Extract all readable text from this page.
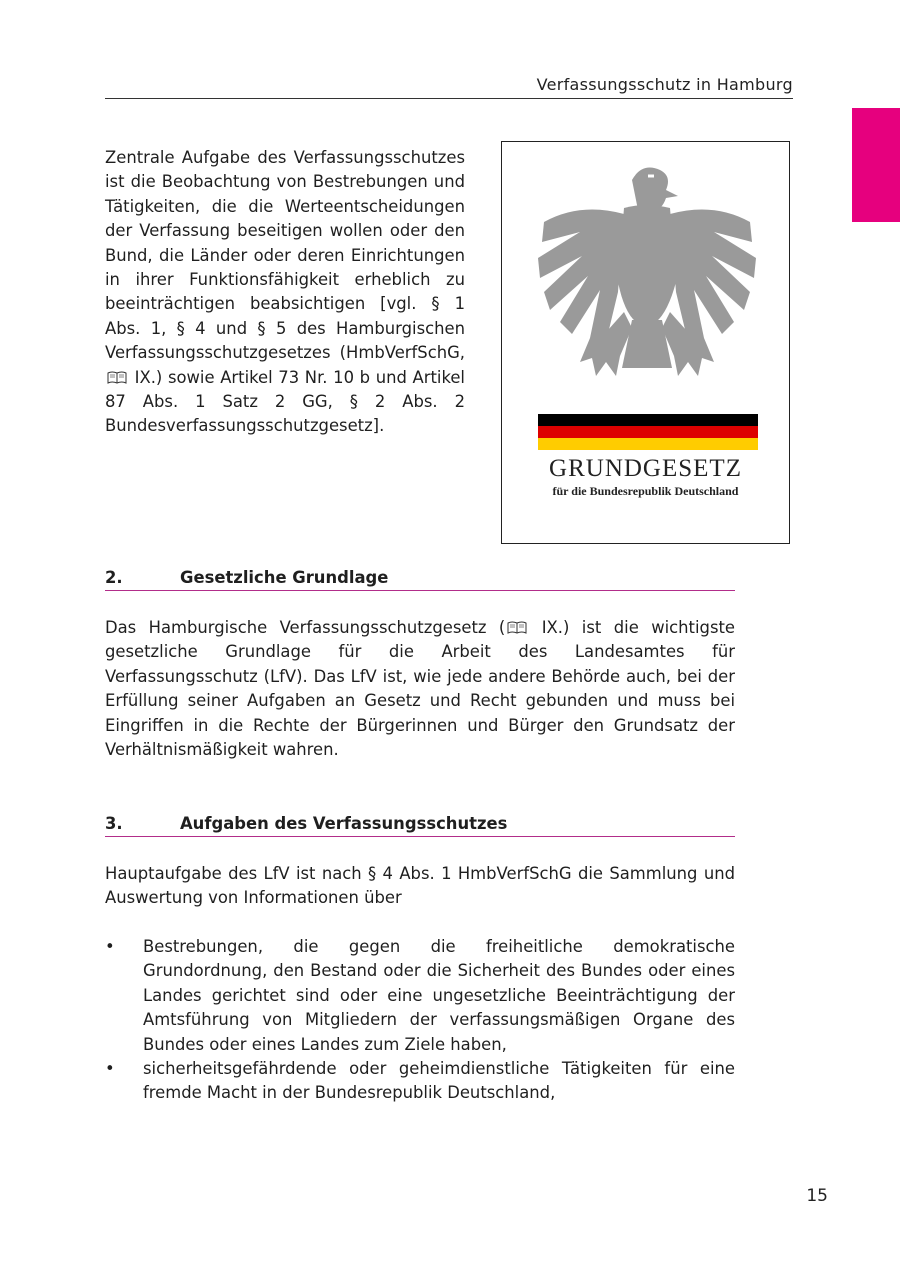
Verfassungsschutz in Hamburg

Zentrale Aufgabe des Verfassungsschutzes ist die Beobachtung von Bestrebungen und Tätigkeiten, die die Werteentscheidungen der Verfassung beseitigen wollen oder den Bund, die Länder oder deren Einrichtungen in ihrer Funktionsfähigkeit erheblich zu beeinträchtigen beabsichtigen [vgl. § 1 Abs. 1, § 4 und § 5 des Hamburgischen Verfassungsschutzgesetzes (HmbVerfSchG,  IX.) sowie Artikel 73 Nr. 10 b und Artikel 87 Abs. 1 Satz 2 GG, § 2 Abs. 2 Bundesverfassungsschutzgesetz].

GRUNDGESETZ
für die Bundesrepublik Deutschland
2.	Gesetzliche Grundlage

Das Hamburgische Verfassungsschutzgesetz ( IX.) ist die wichtigste gesetzliche Grundlage für die Arbeit des Landesamtes für Verfassungsschutz (LfV). Das LfV ist, wie jede andere Behörde auch, bei der Erfüllung seiner Aufgaben an Gesetz und Recht gebunden und muss bei Eingriffen in die Rechte der Bürgerinnen und Bürger den Grundsatz der Verhältnismäßigkeit wahren.

3.	Aufgaben des Verfassungsschutzes

Hauptaufgabe des LfV ist nach § 4 Abs. 1 HmbVerfSchG die Sammlung und Auswertung von Informationen über

• Bestrebungen, die gegen die freiheitliche demokratische Grundordnung, den Bestand oder die Sicherheit des Bundes oder eines Landes gerichtet sind oder eine ungesetzliche Beeinträchtigung der Amtsführung von Mitgliedern der verfassungsmäßigen Organe des Bundes oder eines Landes zum Ziele haben,
• sicherheitsgefährdende oder geheimdienstliche Tätigkeiten für eine fremde Macht in der Bundesrepublik Deutschland,
15
